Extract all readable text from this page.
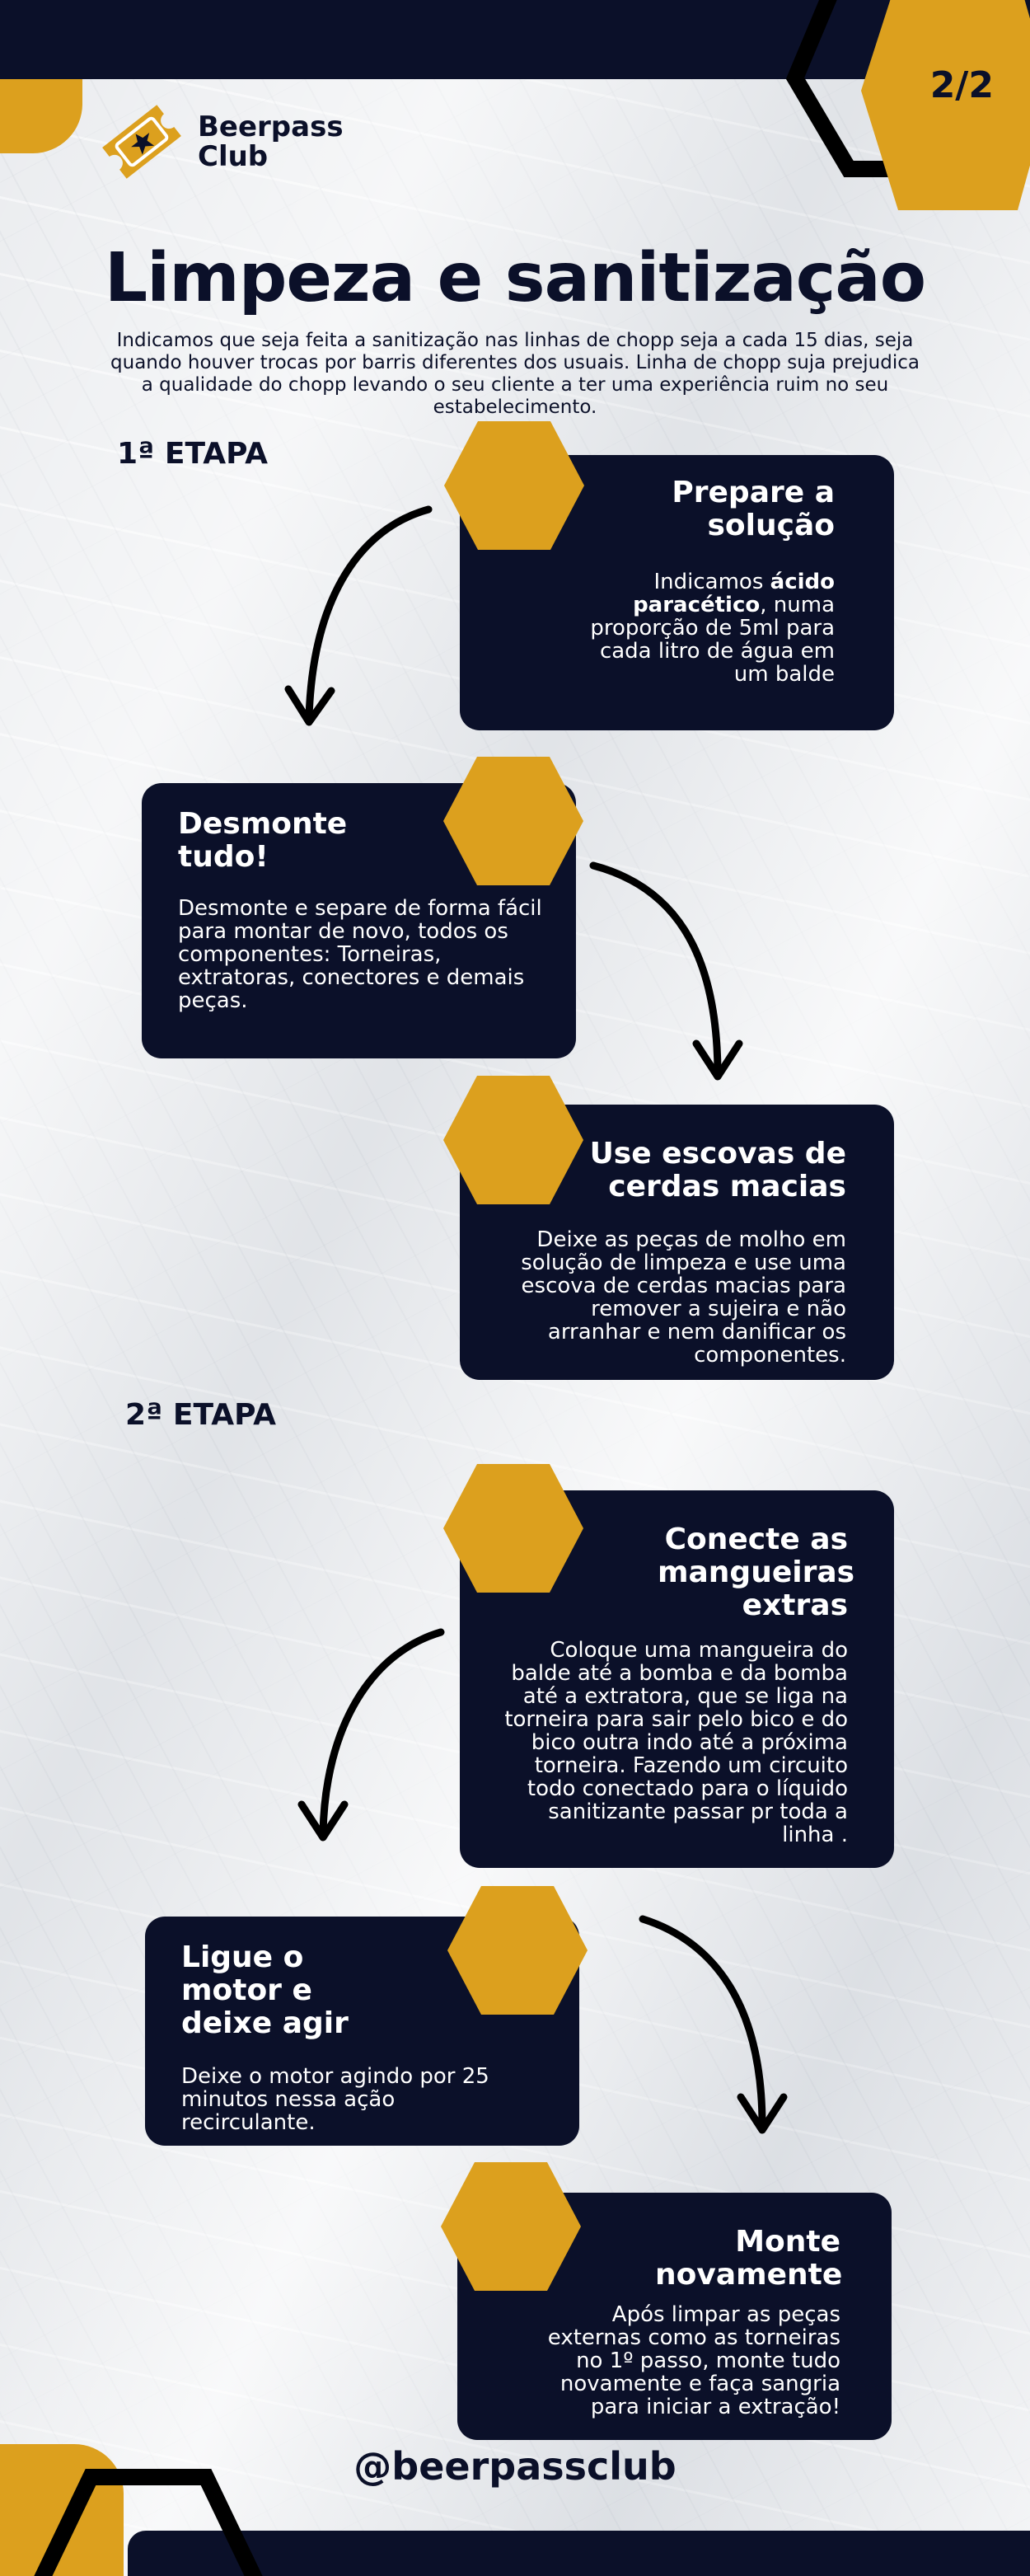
2/2
Beerpass
Club
Limpeza e sanitização

Indicamos que seja feita a sanitização nas linhas de chopp seja a cada 15 dias, seja quando houver trocas por barris diferentes dos usuais. Linha de chopp suja prejudica a qualidade do chopp levando o seu cliente a ter uma experiência ruim no seu estabelecimento.

1ª ETAPA
2ª ETAPA

Prepare a solução

Indicamos ácido paracético, numa proporção de 5ml para cada litro de água em um balde

Desmonte tudo!

Desmonte e separe de forma fácil para montar de novo, todos os componentes: Torneiras, extratoras, conectores e demais peças.

Use escovas de cerdas macias

Deixe as peças de molho em solução de limpeza e use uma escova de cerdas macias para remover a sujeira e não arranhar e nem danificar os componentes.

Conecte as mangueiras extras

Coloque uma mangueira do balde até a bomba e da bomba até a extratora, que se liga na torneira para sair pelo bico e do bico outra indo até a próxima torneira. Fazendo um circuito todo conectado para o líquido sanitizante passar pr toda a linha .

Ligue o motor e deixe agir

Deixe o motor agindo por 25 minutos nessa ação recirculante.

Monte novamente

Após limpar as peças externas como as torneiras no 1º passo, monte tudo novamente e faça sangria para iniciar a extração!

@beerpassclub
